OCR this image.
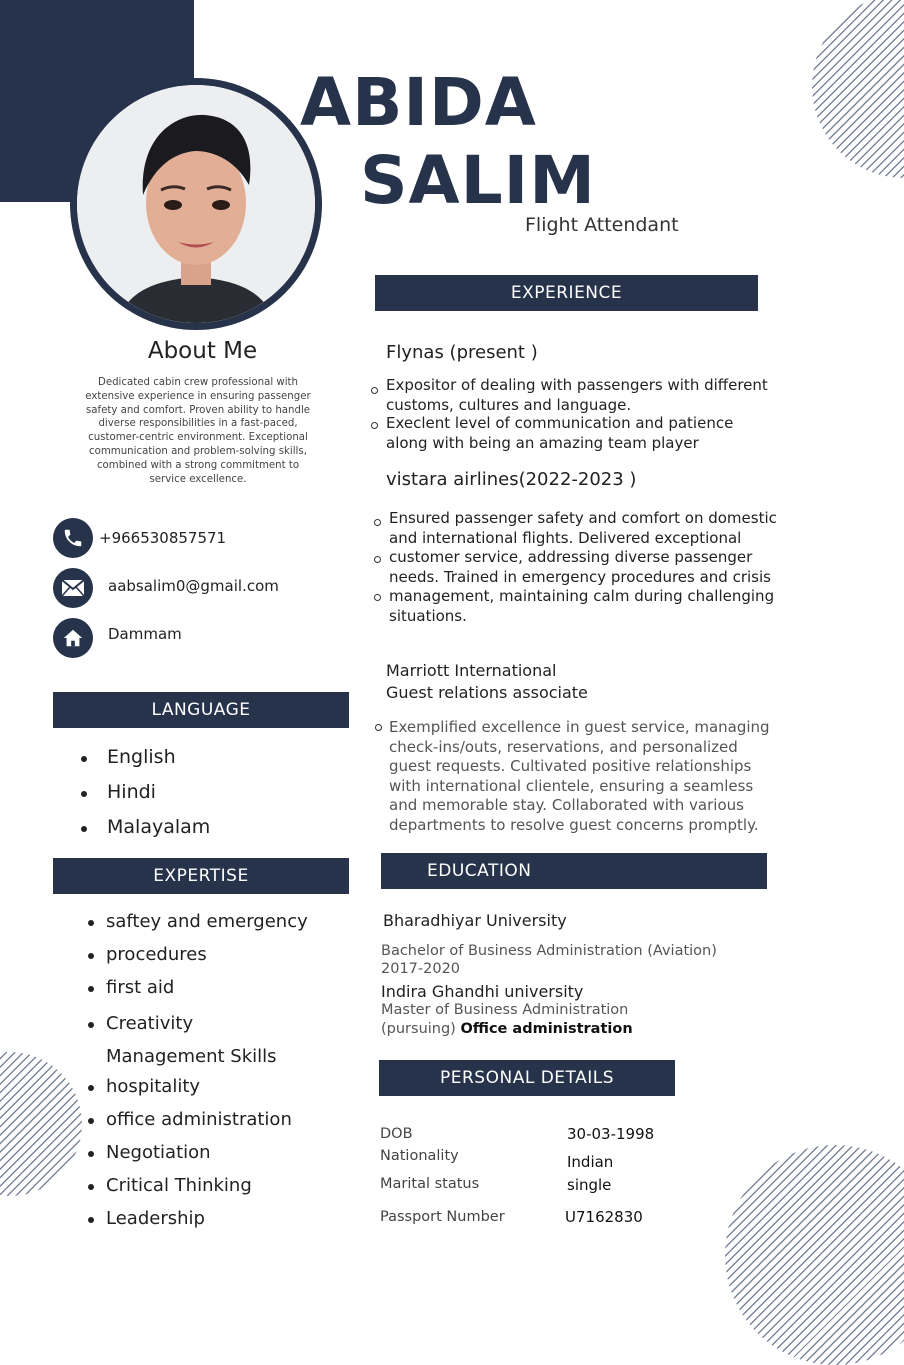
ABIDA
SALIM
Flight Attendant
About Me
Dedicated cabin crew professional with extensive experience in ensuring passenger safety and comfort. Proven ability to handle diverse responsibilities in a fast-paced, customer-centric environment. Exceptional communication and problem-solving skills, combined with a strong commitment to service excellence.
+966530857571
aabsalim0@gmail.com
Dammam
LANGUAGE
English
Hindi
Malayalam
EXPERTISE
saftey and emergency
procedures
first aid
Creativity
Management Skills
hospitality
office administration
Negotiation
Critical Thinking
Leadership
EXPERIENCE
Flynas (present )
Expositor of dealing with passengers with different customs, cultures and language.
Execlent level of communication and patience along with being an amazing team player
vistara airlines(2022-2023 )
Ensured passenger safety and comfort on domestic and international flights. Delivered exceptional customer service, addressing diverse passenger needs. Trained in emergency procedures and crisis management, maintaining calm during challenging situations.
Marriott International
Guest relations associate
Exemplified excellence in guest service, managing check-ins/outs, reservations, and personalized guest requests. Cultivated positive relationships with international clientele, ensuring a seamless and memorable stay. Collaborated with various departments to resolve guest concerns promptly.
EDUCATION
Bharadhiyar University
Bachelor of Business Administration (Aviation)
2017-2020
Indira Ghandhi university
Master of Business Administration
(pursuing) Office administration
PERSONAL DETAILS
DOB	30-03-1998
Nationality	Indian
Marital status	single
Passport Number	U7162830
